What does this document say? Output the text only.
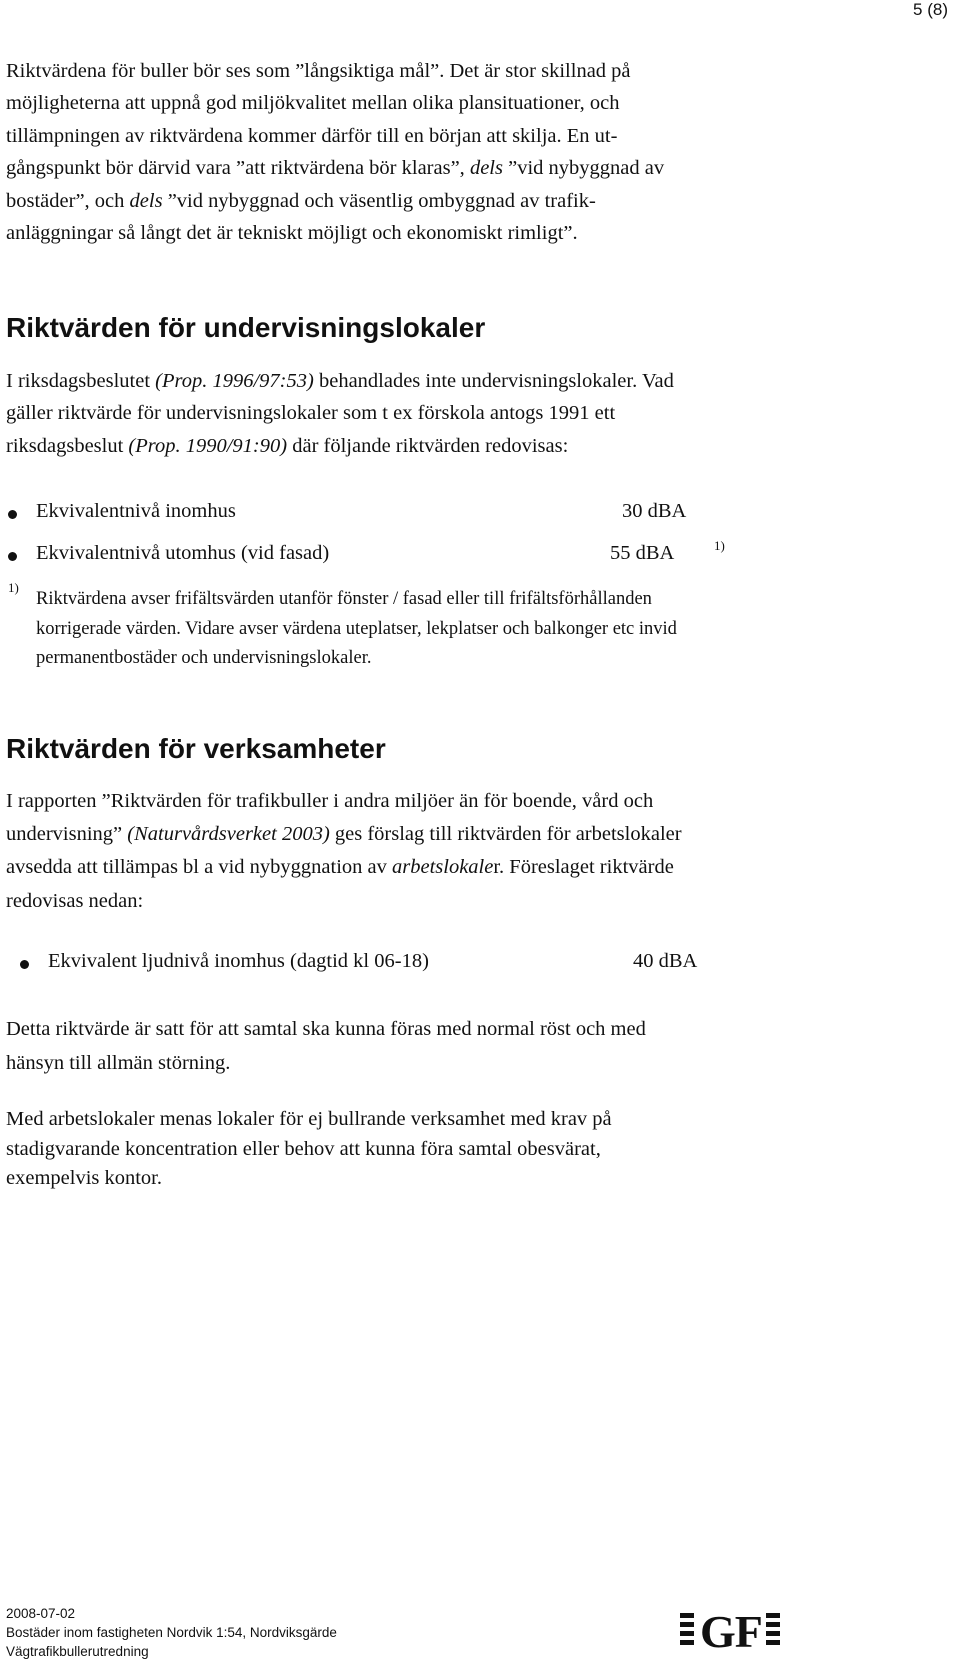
5 (8)

Riktvärdena för buller bör ses som ”långsiktiga mål”. Det är stor skillnad på

möjligheterna att uppnå god miljökvalitet mellan olika plansituationer, och

tillämpningen av riktvärdena kommer därför till en början att skilja. En ut-

gångspunkt bör därvid vara ”att riktvärdena bör klaras”, dels ”vid nybyggnad av

bostäder”, och dels ”vid nybyggnad och väsentlig ombyggnad av trafik-

anläggningar så långt det är tekniskt möjligt och ekonomiskt rimligt”.

Riktvärden för undervisningslokaler

I riksdagsbeslutet (Prop. 1996/97:53) behandlades inte undervisningslokaler. Vad

gäller riktvärde för undervisningslokaler som t ex förskola antogs 1991 ett

riksdagsbeslut (Prop. 1990/91:90) där följande riktvärden redovisas:

Ekvivalentnivå inomhus	30 dBA
Ekvivalentnivå utomhus (vid fasad)	55 dBA	1)
1)

Riktvärdena avser frifältsvärden utanför fönster / fasad eller till frifältsförhållanden

korrigerade värden. Vidare avser värdena uteplatser, lekplatser och balkonger etc invid

permanentbostäder och undervisningslokaler.

Riktvärden för verksamheter

I rapporten ”Riktvärden för trafikbuller i andra miljöer än för boende, vård och

undervisning” (Naturvårdsverket 2003) ges förslag till riktvärden för arbetslokaler

avsedda att tillämpas bl a vid nybyggnation av arbetslokaler. Föreslaget riktvärde

redovisas nedan:

Ekvivalent ljudnivå inomhus (dagtid kl 06-18)	40 dBA

Detta riktvärde är satt för att samtal ska kunna föras med normal röst och med

hänsyn till allmän störning.

Med arbetslokaler menas lokaler för ej bullrande verksamhet med krav på

stadigvarande koncentration eller behov att kunna föra samtal obesvärat,

exempelvis kontor.

2008-07-02
Bostäder inom fastigheten Nordvik 1:54, Nordviksgärde
Vägtrafikbullerutredning	GF
